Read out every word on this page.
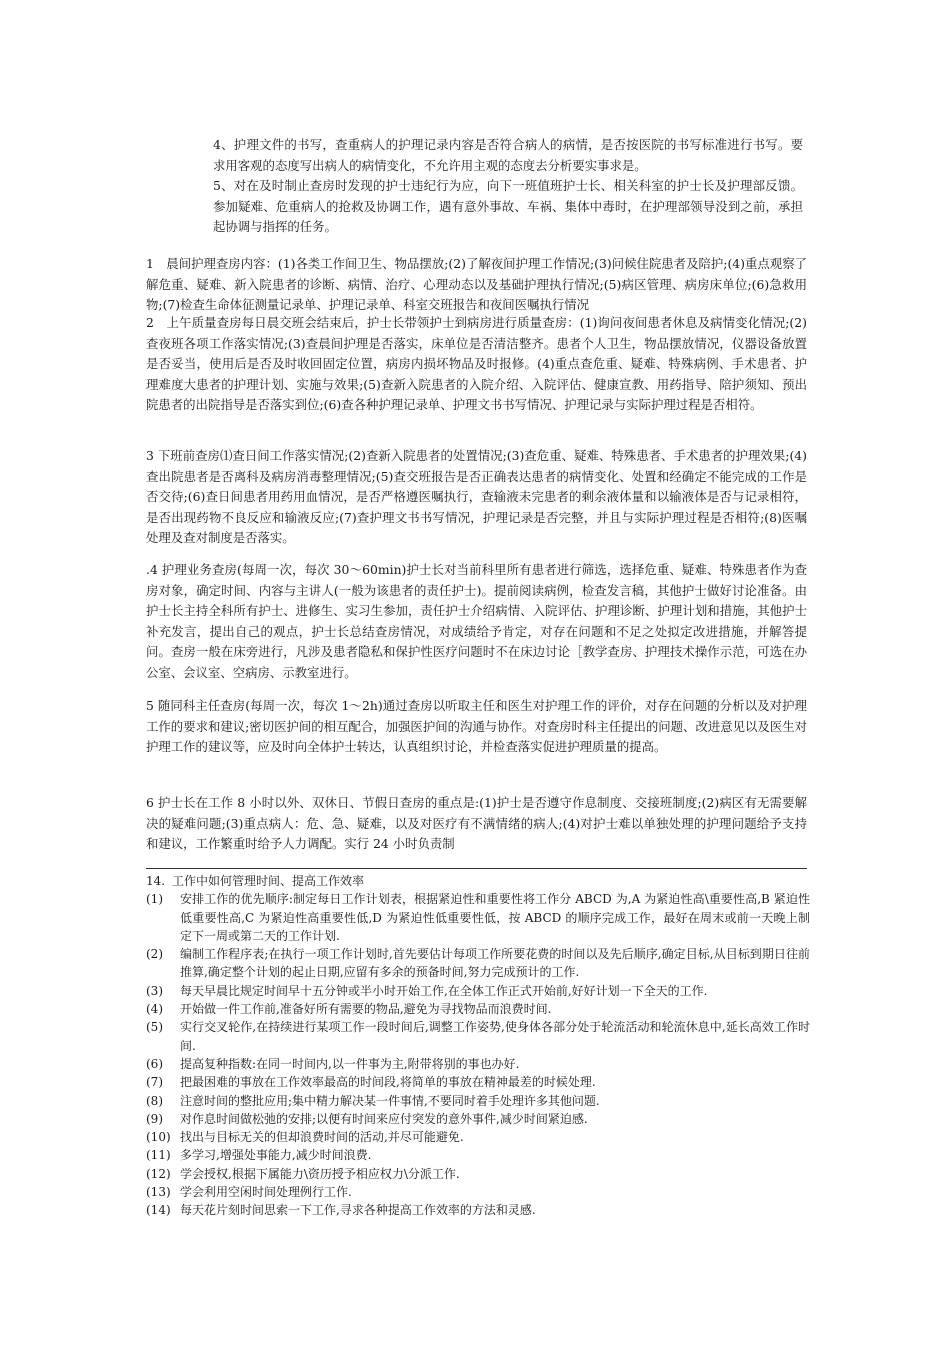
4、护理文件的书写，查重病人的护理记录内容是否符合病人的病情，是否按医院的书写标准进行书写。要求用客观的态度写出病人的病情变化，不允许用主观的态度去分析要实事求是。

5、对在及时制止查房时发现的护士违纪行为应，向下一班值班护士长、相关科室的护士长及护理部反馈。参加疑难、危重病人的抢救及协调工作，遇有意外事故、车祸、集体中毒时，在护理部领导没到之前，承担起协调与指挥的任务。

1　晨间护理查房内容：(1)各类工作间卫生、物品摆放;(2)了解夜间护理工作情况;(3)问候住院患者及陪护;(4)重点观察了解危重、疑难、新入院患者的诊断、病情、治疗、心理动态以及基础护理执行情况;(5)病区管理、病房床单位;(6)急救用物;(7)检查生命体征测量记录单、护理记录单、科室交班报告和夜间医嘱执行情况

2　上午质量查房每日晨交班会结束后，护士长带领护士到病房进行质量查房：(1)询问夜间患者休息及病情变化情况;(2)查夜班各项工作落实情况;(3)查晨间护理是否落实，床单位是否清洁整齐。患者个人卫生，物品摆放情况，仪器设备放置是否妥当，使用后是否及时收回固定位置，病房内损坏物品及时报修。(4)重点查危重、疑难、特殊病例、手术患者、护理难度大患者的护理计划、实施与效果;(5)查新入院患者的入院介绍、入院评估、健康宣教、用药指导、陪护须知、预出院患者的出院指导是否落实到位;(6)查各种护理记录单、护理文书书写情况、护理记录与实际护理过程是否相符。

3 下班前查房⑴查日间工作落实情况;(2)查新入院患者的处置情况;(3)查危重、疑难、特殊患者、手术患者的护理效果;(4)查出院患者是否离科及病房消毒整理情况;(5)查交班报告是否正确表达患者的病情变化、处置和经确定不能完成的工作是否交待;(6)查日间患者用药用血情况，是否严格遵医嘱执行，查输液未完患者的剩余液体量和以输液体是否与记录相符，是否出现药物不良反应和输液反应;(7)查护理文书书写情况，护理记录是否完整，并且与实际护理过程是否相符;(8)医嘱处理及查对制度是否落实。

.4 护理业务查房(每周一次，每次 30～60min)护士长对当前科里所有患者进行筛选，选择危重、疑难、特殊患者作为查房对象，确定时间、内容与主讲人(一般为该患者的责任护士)。提前阅读病例，检查发言稿，其他护士做好讨论准备。由护士长主持全科所有护士、进修生、实习生参加，责任护士介绍病情、入院评估、护理诊断、护理计划和措施，其他护士补充发言，提出自己的观点，护士长总结查房情况，对成绩给予肯定，对存在问题和不足之处拟定改进措施，并解答提问。查房一般在床旁进行，凡涉及患者隐私和保护性医疗问题时不在床边讨论［教学查房、护理技术操作示范，可选在办公室、会议室、空病房、示教室进行。

5 随同科主任查房(每周一次，每次 1～2h)通过查房以听取主任和医生对护理工作的评价，对存在问题的分析以及对护理工作的要求和建议;密切医护间的相互配合，加强医护间的沟通与协作。对查房时科主任提出的问题、改进意见以及医生对护理工作的建议等，应及时向全体护士转达，认真组织讨论，并检查落实促进护理质量的提高。

6 护士长在工作 8 小时以外、双休日、节假日查房的重点是:(1)护士是否遵守作息制度、交接班制度;(2)病区有无需要解决的疑难问题;(3)重点病人：危、急、疑难，以及对医疗有不满情绪的病人;(4)对护士难以单独处理的护理问题给予支持和建议，工作繁重时给予人力调配。实行 24 小时负责制

14. 工作中如何管理时间、提高工作效率
(1)	安排工作的优先顺序:制定每日工作计划表，根据紧迫性和重要性将工作分 ABCD 为,A 为紧迫性高\重要性高,B 紧迫性低重要性高,C 为紧迫性高重要性低,D 为紧迫性低重要性低，按 ABCD 的顺序完成工作，最好在周末或前一天晚上制定下一周或第二天的工作计划.
(2)	编制工作程序表;在执行一项工作计划时,首先要估计每项工作所要花费的时间以及先后顺序,确定目标,从目标到期日往前推算,确定整个计划的起止日期,应留有多余的预备时间,努力完成预计的工作.
(3)	每天早晨比规定时间早十五分钟或半小时开始工作,在全体工作正式开始前,好好计划一下全天的工作.
(4)	开始做一件工作前,准备好所有需要的物品,避免为寻找物品而浪费时间.
(5)	实行交叉轮作,在持续进行某项工作一段时间后,调整工作姿势,使身体各部分处于轮流活动和轮流休息中,延长高效工作时间.
(6)	提高复种指数:在同一时间内,以一件事为主,附带将别的事也办好.
(7)	把最困难的事放在工作效率最高的时间段,将简单的事放在精神最差的时候处理.
(8)	注意时间的整批应用;集中精力解决某一件事情,不要同时着手处理许多其他问题.
(9)	对作息时间做松弛的安排;以便有时间来应付突发的意外事件,减少时间紧迫感.
(10) 找出与目标无关的但却浪费时间的活动,并尽可能避免.
(11) 多学习,增强处事能力,减少时间浪费.
(12) 学会授权,根据下属能力\资历授予相应权力\分派工作.
(13) 学会利用空闲时间处理例行工作.
(14) 每天花片刻时间思索一下工作,寻求各种提高工作效率的方法和灵感.
